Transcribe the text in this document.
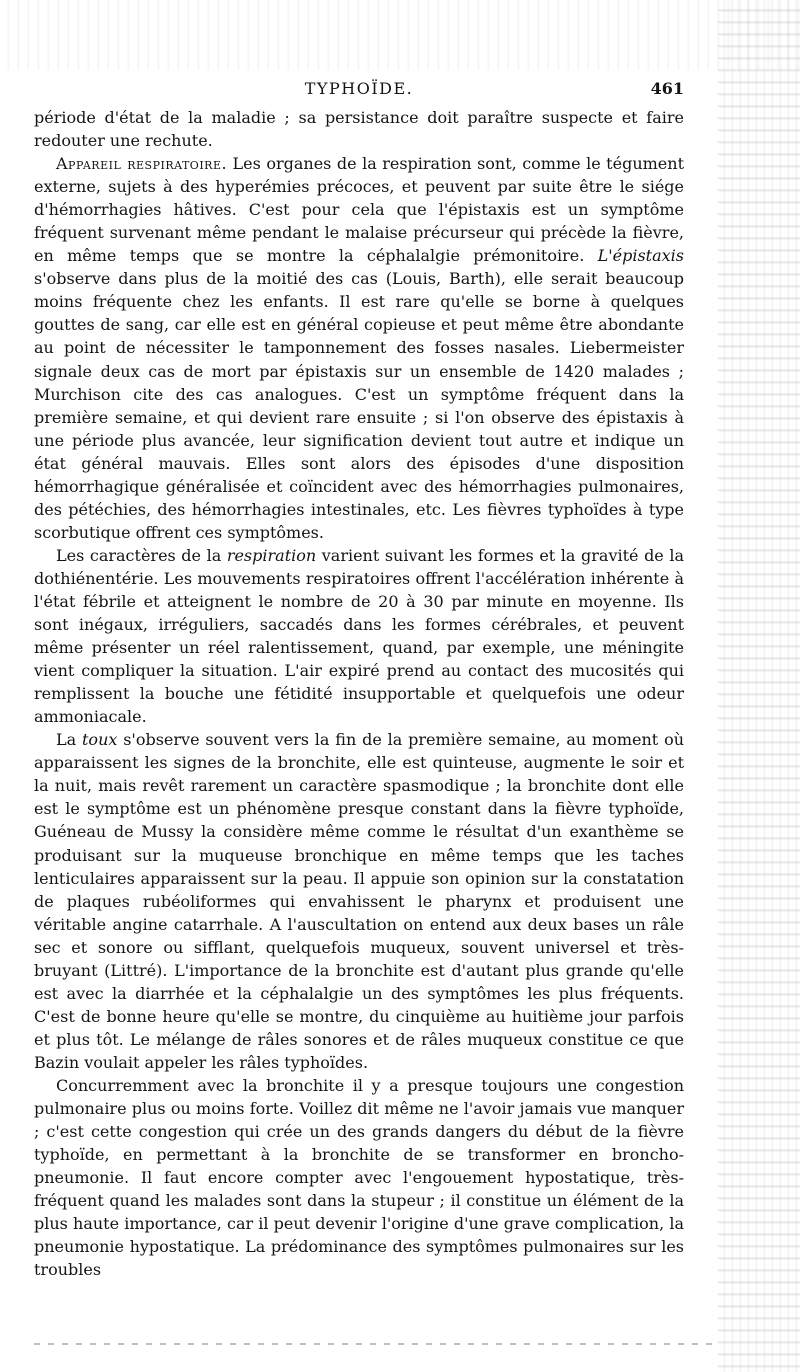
TYPHOÏDE.	461

période d'état de la maladie ; sa persistance doit paraître suspecte et faire redouter une rechute.

Appareil respiratoire. Les organes de la respiration sont, comme le tégument externe, sujets à des hyperémies précoces, et peuvent par suite être le siége d'hémorrhagies hâtives. C'est pour cela que l'épistaxis est un symptôme fréquent survenant même pendant le malaise précurseur qui précède la fièvre, en même temps que se montre la céphalalgie prémonitoire. L'épistaxis s'observe dans plus de la moitié des cas (Louis, Barth), elle serait beaucoup moins fréquente chez les enfants. Il est rare qu'elle se borne à quelques gouttes de sang, car elle est en général copieuse et peut même être abondante au point de nécessiter le tamponnement des fosses nasales. Liebermeister signale deux cas de mort par épistaxis sur un ensemble de 1420 malades ; Murchison cite des cas analogues. C'est un symptôme fréquent dans la première semaine, et qui devient rare ensuite ; si l'on observe des épistaxis à une période plus avancée, leur signification devient tout autre et indique un état général mauvais. Elles sont alors des épisodes d'une disposition hémorrhagique généralisée et coïncident avec des hémorrhagies pulmonaires, des pétéchies, des hémorrhagies intestinales, etc. Les fièvres typhoïdes à type scorbutique offrent ces symptômes.

Les caractères de la respiration varient suivant les formes et la gravité de la dothiénentérie. Les mouvements respiratoires offrent l'accélération inhérente à l'état fébrile et atteignent le nombre de 20 à 30 par minute en moyenne. Ils sont inégaux, irréguliers, saccadés dans les formes cérébrales, et peuvent même présenter un réel ralentissement, quand, par exemple, une méningite vient compliquer la situation. L'air expiré prend au contact des mucosités qui remplissent la bouche une fétidité insupportable et quelquefois une odeur ammoniacale.

La toux s'observe souvent vers la fin de la première semaine, au moment où apparaissent les signes de la bronchite, elle est quinteuse, augmente le soir et la nuit, mais revêt rarement un caractère spasmodique ; la bronchite dont elle est le symptôme est un phénomène presque constant dans la fièvre typhoïde, Guéneau de Mussy la considère même comme le résultat d'un exanthème se produisant sur la muqueuse bronchique en même temps que les taches lenticulaires apparaissent sur la peau. Il appuie son opinion sur la constatation de plaques rubéoliformes qui envahissent le pharynx et produisent une véritable angine catarrhale. A l'auscultation on entend aux deux bases un râle sec et sonore ou sifflant, quelquefois muqueux, souvent universel et très-bruyant (Littré). L'importance de la bronchite est d'autant plus grande qu'elle est avec la diarrhée et la céphalalgie un des symptômes les plus fréquents. C'est de bonne heure qu'elle se montre, du cinquième au huitième jour parfois et plus tôt. Le mélange de râles sonores et de râles muqueux constitue ce que Bazin voulait appeler les râles typhoïdes.

Concurremment avec la bronchite il y a presque toujours une congestion pulmonaire plus ou moins forte. Voillez dit même ne l'avoir jamais vue manquer ; c'est cette congestion qui crée un des grands dangers du début de la fièvre typhoïde, en permettant à la bronchite de se transformer en broncho-pneumonie. Il faut encore compter avec l'engouement hypostatique, très-fréquent quand les malades sont dans la stupeur ; il constitue un élément de la plus haute importance, car il peut devenir l'origine d'une grave complication, la pneumonie hypostatique. La prédominance des symptômes pulmonaires sur les troubles
